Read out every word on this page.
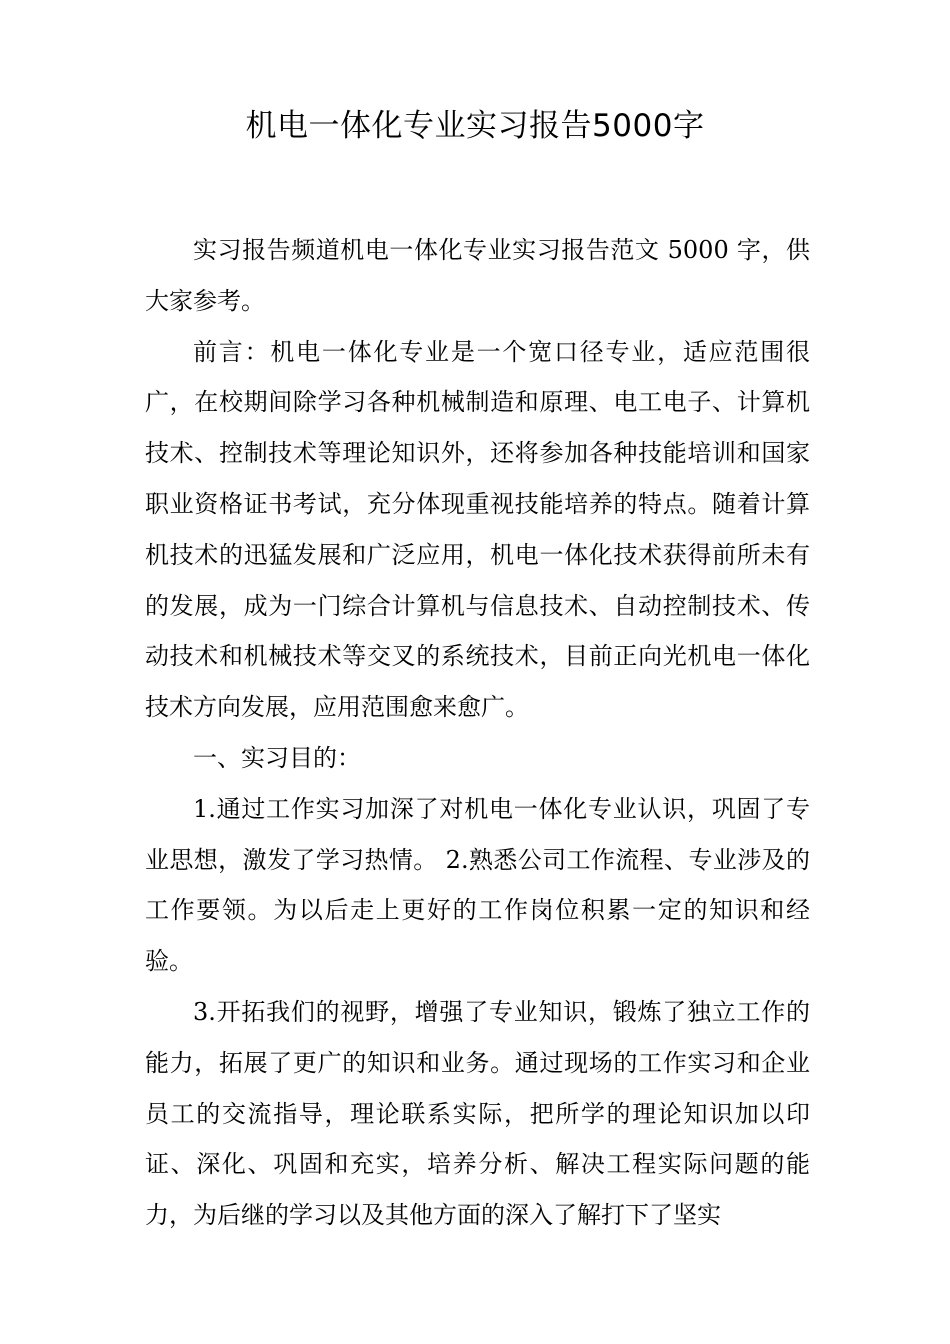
机电一体化专业实习报告5000字

实习报告频道机电一体化专业实习报告范文 5000 字，供大家参考。

前言：机电一体化专业是一个宽口径专业，适应范围很广，在校期间除学习各种机械制造和原理、电工电子、计算机技术、控制技术等理论知识外，还将参加各种技能培训和国家职业资格证书考试，充分体现重视技能培养的特点。随着计算机技术的迅猛发展和广泛应用，机电一体化技术获得前所未有的发展，成为一门综合计算机与信息技术、自动控制技术、传动技术和机械技术等交叉的系统技术，目前正向光机电一体化技术方向发展，应用范围愈来愈广。

一、实习目的：

1.通过工作实习加深了对机电一体化专业认识，巩固了专业思想，激发了学习热情。 2.熟悉公司工作流程、专业涉及的工作要领。为以后走上更好的工作岗位积累一定的知识和经验。

3.开拓我们的视野，增强了专业知识，锻炼了独立工作的能力，拓展了更广的知识和业务。通过现场的工作实习和企业员工的交流指导，理论联系实际，把所学的理论知识加以印证、深化、巩固和充实，培养分析、解决工程实际问题的能力，为后继的学习以及其他方面的深入了解打下了坚实
